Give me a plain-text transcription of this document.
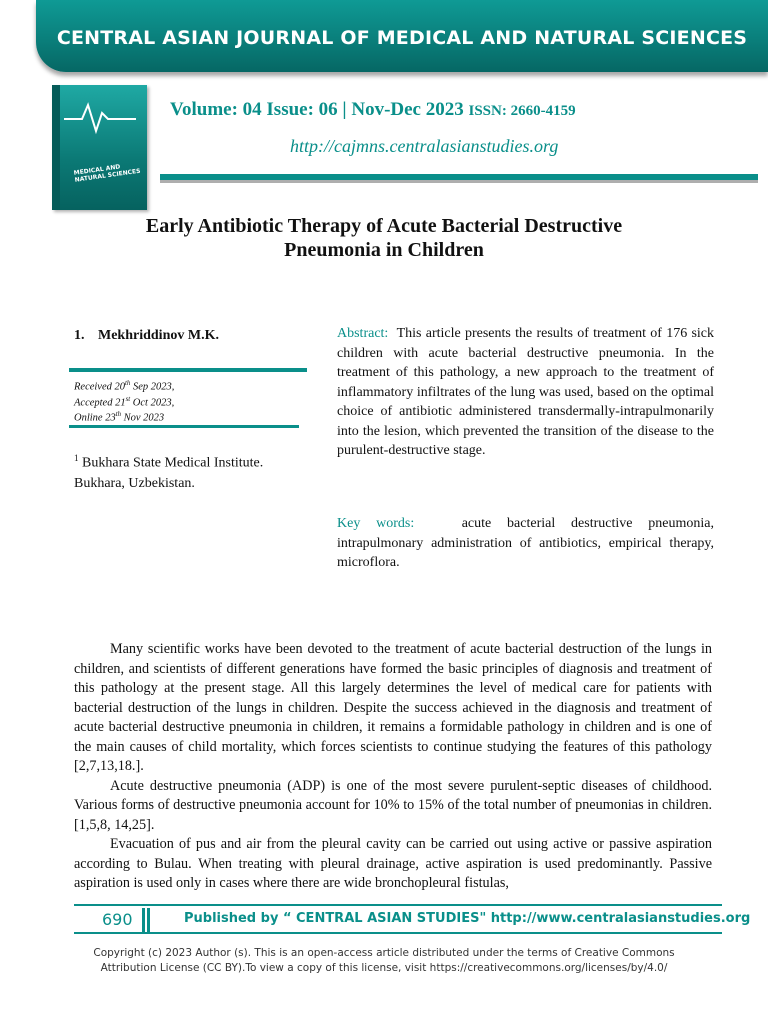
CENTRAL ASIAN JOURNAL OF MEDICAL AND NATURAL SCIENCES
MEDICAL AND NATURAL SCIENCES
Volume: 04 Issue: 06 | Nov-Dec 2023 ISSN: 2660-4159
http://cajmns.centralasianstudies.org
Early Antibiotic Therapy of Acute Bacterial Destructive
Pneumonia in Children
1. Mekhriddinov M.K.
Received 20th Sep 2023,
Accepted 21st Oct 2023,
Online 23th Nov 2023
$^1$ Bukhara State Medical Institute.
Bukhara, Uzbekistan.
Abstract: This article presents the results of treatment of 176 sick children with acute bacterial destructive pneumonia. In the treatment of this pathology, a new approach to the treatment of inflammatory infiltrates of the lung was used, based on the optimal choice of antibiotic administered transdermally-intrapulmonarily into the lesion, which prevented the transition of the disease to the purulent-destructive stage.
Key words:	acute bacterial destructive pneumonia, intrapulmonary administration of antibiotics, empirical therapy, microflora.

Many scientific works have been devoted to the treatment of acute bacterial destruction of the lungs in children, and scientists of different generations have formed the basic principles of diagnosis and treatment of this pathology at the present stage. All this largely determines the level of medical care for patients with bacterial destruction of the lungs in children. Despite the success achieved in the diagnosis and treatment of acute bacterial destructive pneumonia in children, it remains a formidable pathology in children and is one of the main causes of child mortality, which forces scientists to continue studying the features of this pathology [2,7,13,18.].

Acute destructive pneumonia (ADP) is one of the most severe purulent-septic diseases of childhood. Various forms of destructive pneumonia account for 10% to 15% of the total number of pneumonias in children. [1,5,8, 14,25].

Evacuation of pus and air from the pleural cavity can be carried out using active or passive aspiration according to Bulau. When treating with pleural drainage, active aspiration is used predominantly. Passive aspiration is used only in cases where there are wide bronchopleural fistulas,

690	Published by “ CENTRAL ASIAN STUDIES" http://www.centralasianstudies.org
Copyright (c) 2023 Author (s). This is an open-access article distributed under the terms of Creative Commons
Attribution License (CC BY).To view a copy of this license, visit https://creativecommons.org/licenses/by/4.0/
